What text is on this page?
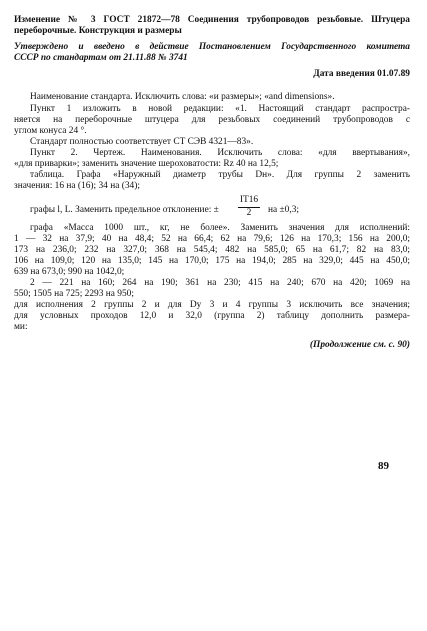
Изменение № 3 ГОСТ 21872—78 Соединения трубопроводов резьбовые. Штуцера
переборочные. Конструкция и размеры
Утверждено и введено в действие Постановлением Государственного комитета
СССР по стандартам от 21.11.88 № 3741
Дата введения 01.07.89
Наименование стандарта. Исключить слова: «и размеры»; «and dimensions».
Пункт 1 изложить в новой редакции: «1. Настоящий стандарт распростра-
няется на переборочные штуцера для резьбовых соединений трубопроводов с
углом конуса 24 °.
Стандарт полностью соответствует СТ СЭВ 4321—83».
Пункт 2. Чертеж. Наименования. Исключить слова: «для ввертывания»,
«для приварки»; заменить значение шероховатости: Rz 40 на 12,5;
таблица. Графа «Наружный диаметр трубы Dн». Для группы 2 заменить
значения: 16 на (16); 34 на (34);
графы l, L. Заменить предельное отклонение: ±	$\frac{IT16}{2}$ на ±0,3;
графа «Масса 1000 шт., кг, не более». Заменить значения для исполнений:
1 — 32 на 37,9; 40 на 48,4; 52 на 66,4; 62 на 79,6; 126 на 170,3; 156 на 200,0;
173 на 236,0; 232 на 327,0; 368 на 545,4; 482 на 585,0; 65 на 61,7; 82 на 83,0;
106 на 109,0; 120 на 135,0; 145 на 170,0; 175 на 194,0; 285 на 329,0; 445 на 450,0;
639 на 673,0; 990 на 1042,0;
2 — 221 на 160; 264 на 190; 361 на 230; 415 на 240; 670 на 420; 1069 на
550; 1505 на 725; 2293 на 950;
для исполнения 2 группы 2 и для Dу 3 и 4 группы 3 исключить все значения;
для условных проходов 12,0 и 32,0 (группа 2) таблицу дополнить размера-
ми:
(Продолжение см. с. 90)
89
